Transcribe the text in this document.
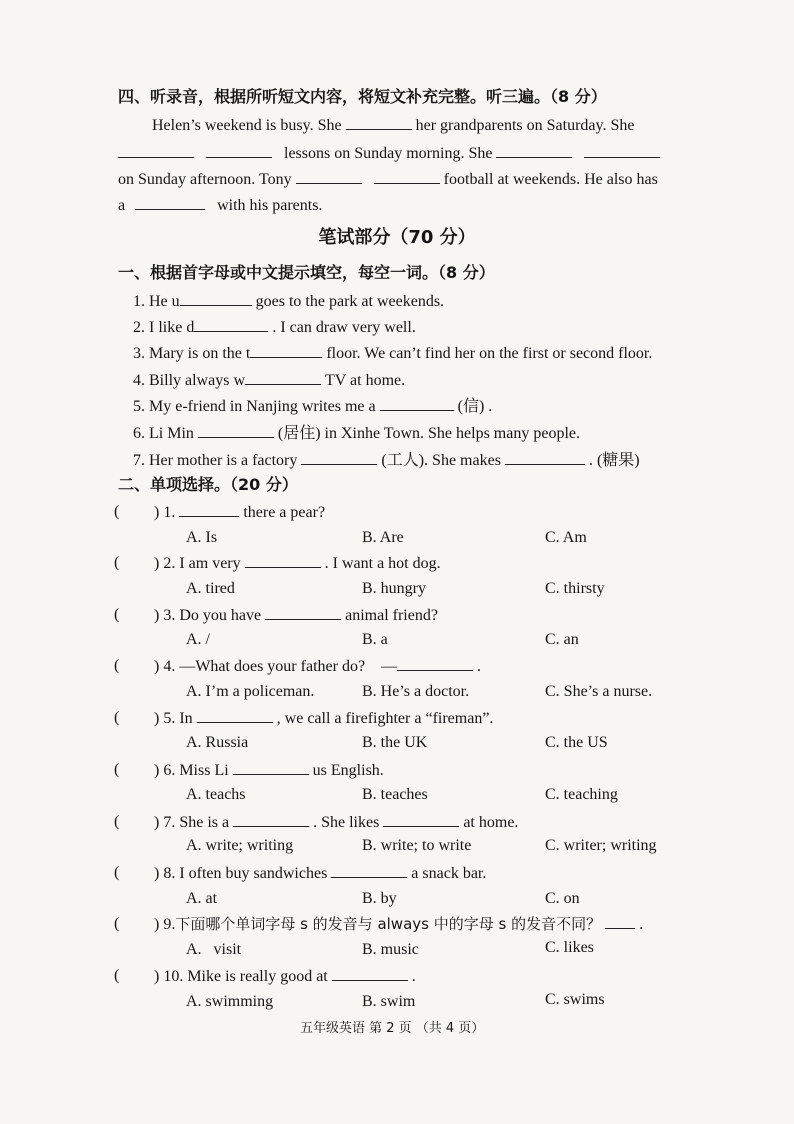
四、听录音，根据所听短文内容，将短文补充完整。听三遍。（8 分）
Helen’s weekend is busy. She	her grandparents on Saturday. She
lessons on Sunday morning. She
on Sunday afternoon. Tony	football at weekends. He also has
a	with his parents.
笔试部分（70 分）
一、根据首字母或中文提示填空，每空一词。（8 分）
1. He u	goes to the park at weekends.
2. I like d	. I can draw very well.
3. Mary is on the t	floor. We can’t find her on the first or second floor.
4. Billy always w	TV at home.
5. My e-friend in Nanjing writes me a	(信) .
6. Li Min	(居住) in Xinhe Town. She helps many people.
7. Her mother is a factory	(工人). She makes	. (糖果)
二、单项选择。（20 分）
( ) 1.	there a pear?
A. Is	B. Are	C. Am
( ) 2. I am very	. I want a hot dog.
A. tired	B. hungry	C. thirsty
( ) 3. Do you have	animal friend?
A. /	B. a	C. an
( ) 4. —What does your father do?    —	.
A. I’m a policeman.	B. He’s a doctor.	C. She’s a nurse.
( ) 5. In	, we call a firefighter a “fireman”.
A. Russia	B. the UK	C. the US
( ) 6. Miss Li	us English.
A. teachs	B. teaches	C. teaching
( ) 7. She is a	. She likes	at home.
A. write; writing	B. write; to write	C. writer; writing
( ) 8. I often buy sandwiches	a snack bar.
A. at	B. by	C. on
( ) 9.下面哪个单词字母 s 的发音与 always 中的字母 s 的发音不同？ .
A.   visit	B. music	C. likes
( ) 10. Mike is really good at	.
A. swimming	B. swim	C. swims
五年级英语 第 2 页 （共 4 页）
